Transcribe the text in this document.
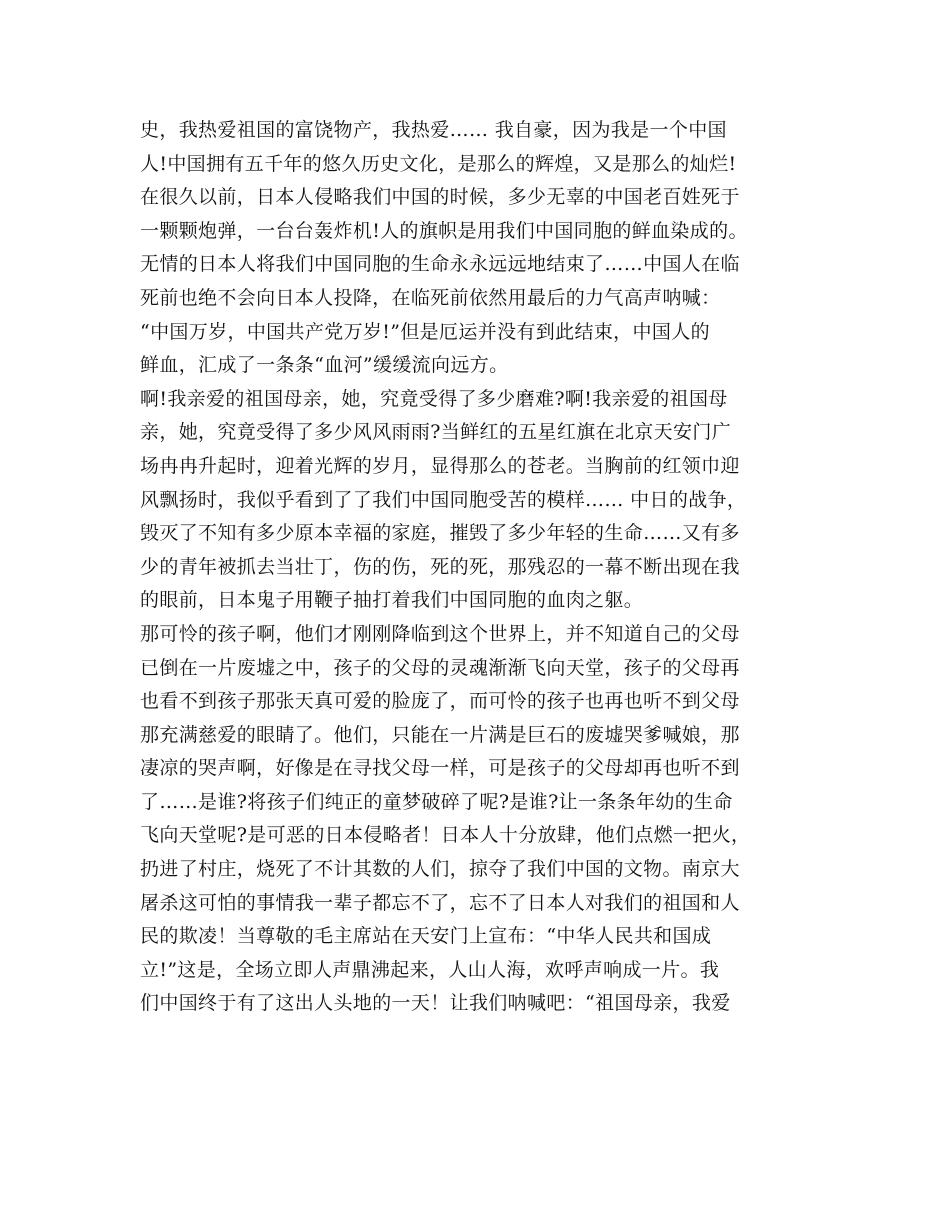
史，我热爱祖国的富饶物产，我热爱…… 我自豪，因为我是一个中国
人!中国拥有五千年的悠久历史文化，是那么的辉煌，又是那么的灿烂!
在很久以前，日本人侵略我们中国的时候，多少无辜的中国老百姓死于
一颗颗炮弹，一台台轰炸机!人的旗帜是用我们中国同胞的鲜血染成的。
无情的日本人将我们中国同胞的生命永永远远地结束了……中国人在临
死前也绝不会向日本人投降，在临死前依然用最后的力气高声呐喊：
“中国万岁，中国共产党万岁!”但是厄运并没有到此结束，中国人的
鲜血，汇成了一条条“血河”缓缓流向远方。
啊!我亲爱的祖国母亲，她，究竟受得了多少磨难?啊!我亲爱的祖国母
亲，她，究竟受得了多少风风雨雨?当鲜红的五星红旗在北京天安门广
场冉冉升起时，迎着光辉的岁月，显得那么的苍老。当胸前的红领巾迎
风飘扬时，我似乎看到了了我们中国同胞受苦的模样…… 中日的战争，
毁灭了不知有多少原本幸福的家庭，摧毁了多少年轻的生命……又有多
少的青年被抓去当壮丁，伤的伤，死的死，那残忍的一幕不断出现在我
的眼前，日本鬼子用鞭子抽打着我们中国同胞的血肉之躯。
那可怜的孩子啊，他们才刚刚降临到这个世界上，并不知道自己的父母
已倒在一片废墟之中，孩子的父母的灵魂渐渐飞向天堂，孩子的父母再
也看不到孩子那张天真可爱的脸庞了，而可怜的孩子也再也听不到父母
那充满慈爱的眼睛了。他们，只能在一片满是巨石的废墟哭爹喊娘，那
凄凉的哭声啊，好像是在寻找父母一样，可是孩子的父母却再也听不到
了……是谁?将孩子们纯正的童梦破碎了呢?是谁?让一条条年幼的生命
飞向天堂呢?是可恶的日本侵略者！日本人十分放肆，他们点燃一把火，
扔进了村庄，烧死了不计其数的人们，掠夺了我们中国的文物。南京大
屠杀这可怕的事情我一辈子都忘不了，忘不了日本人对我们的祖国和人
民的欺凌！当尊敬的毛主席站在天安门上宣布：“中华人民共和国成
立!”这是，全场立即人声鼎沸起来，人山人海，欢呼声响成一片。我
们中国终于有了这出人头地的一天！让我们呐喊吧：“祖国母亲，我爱
